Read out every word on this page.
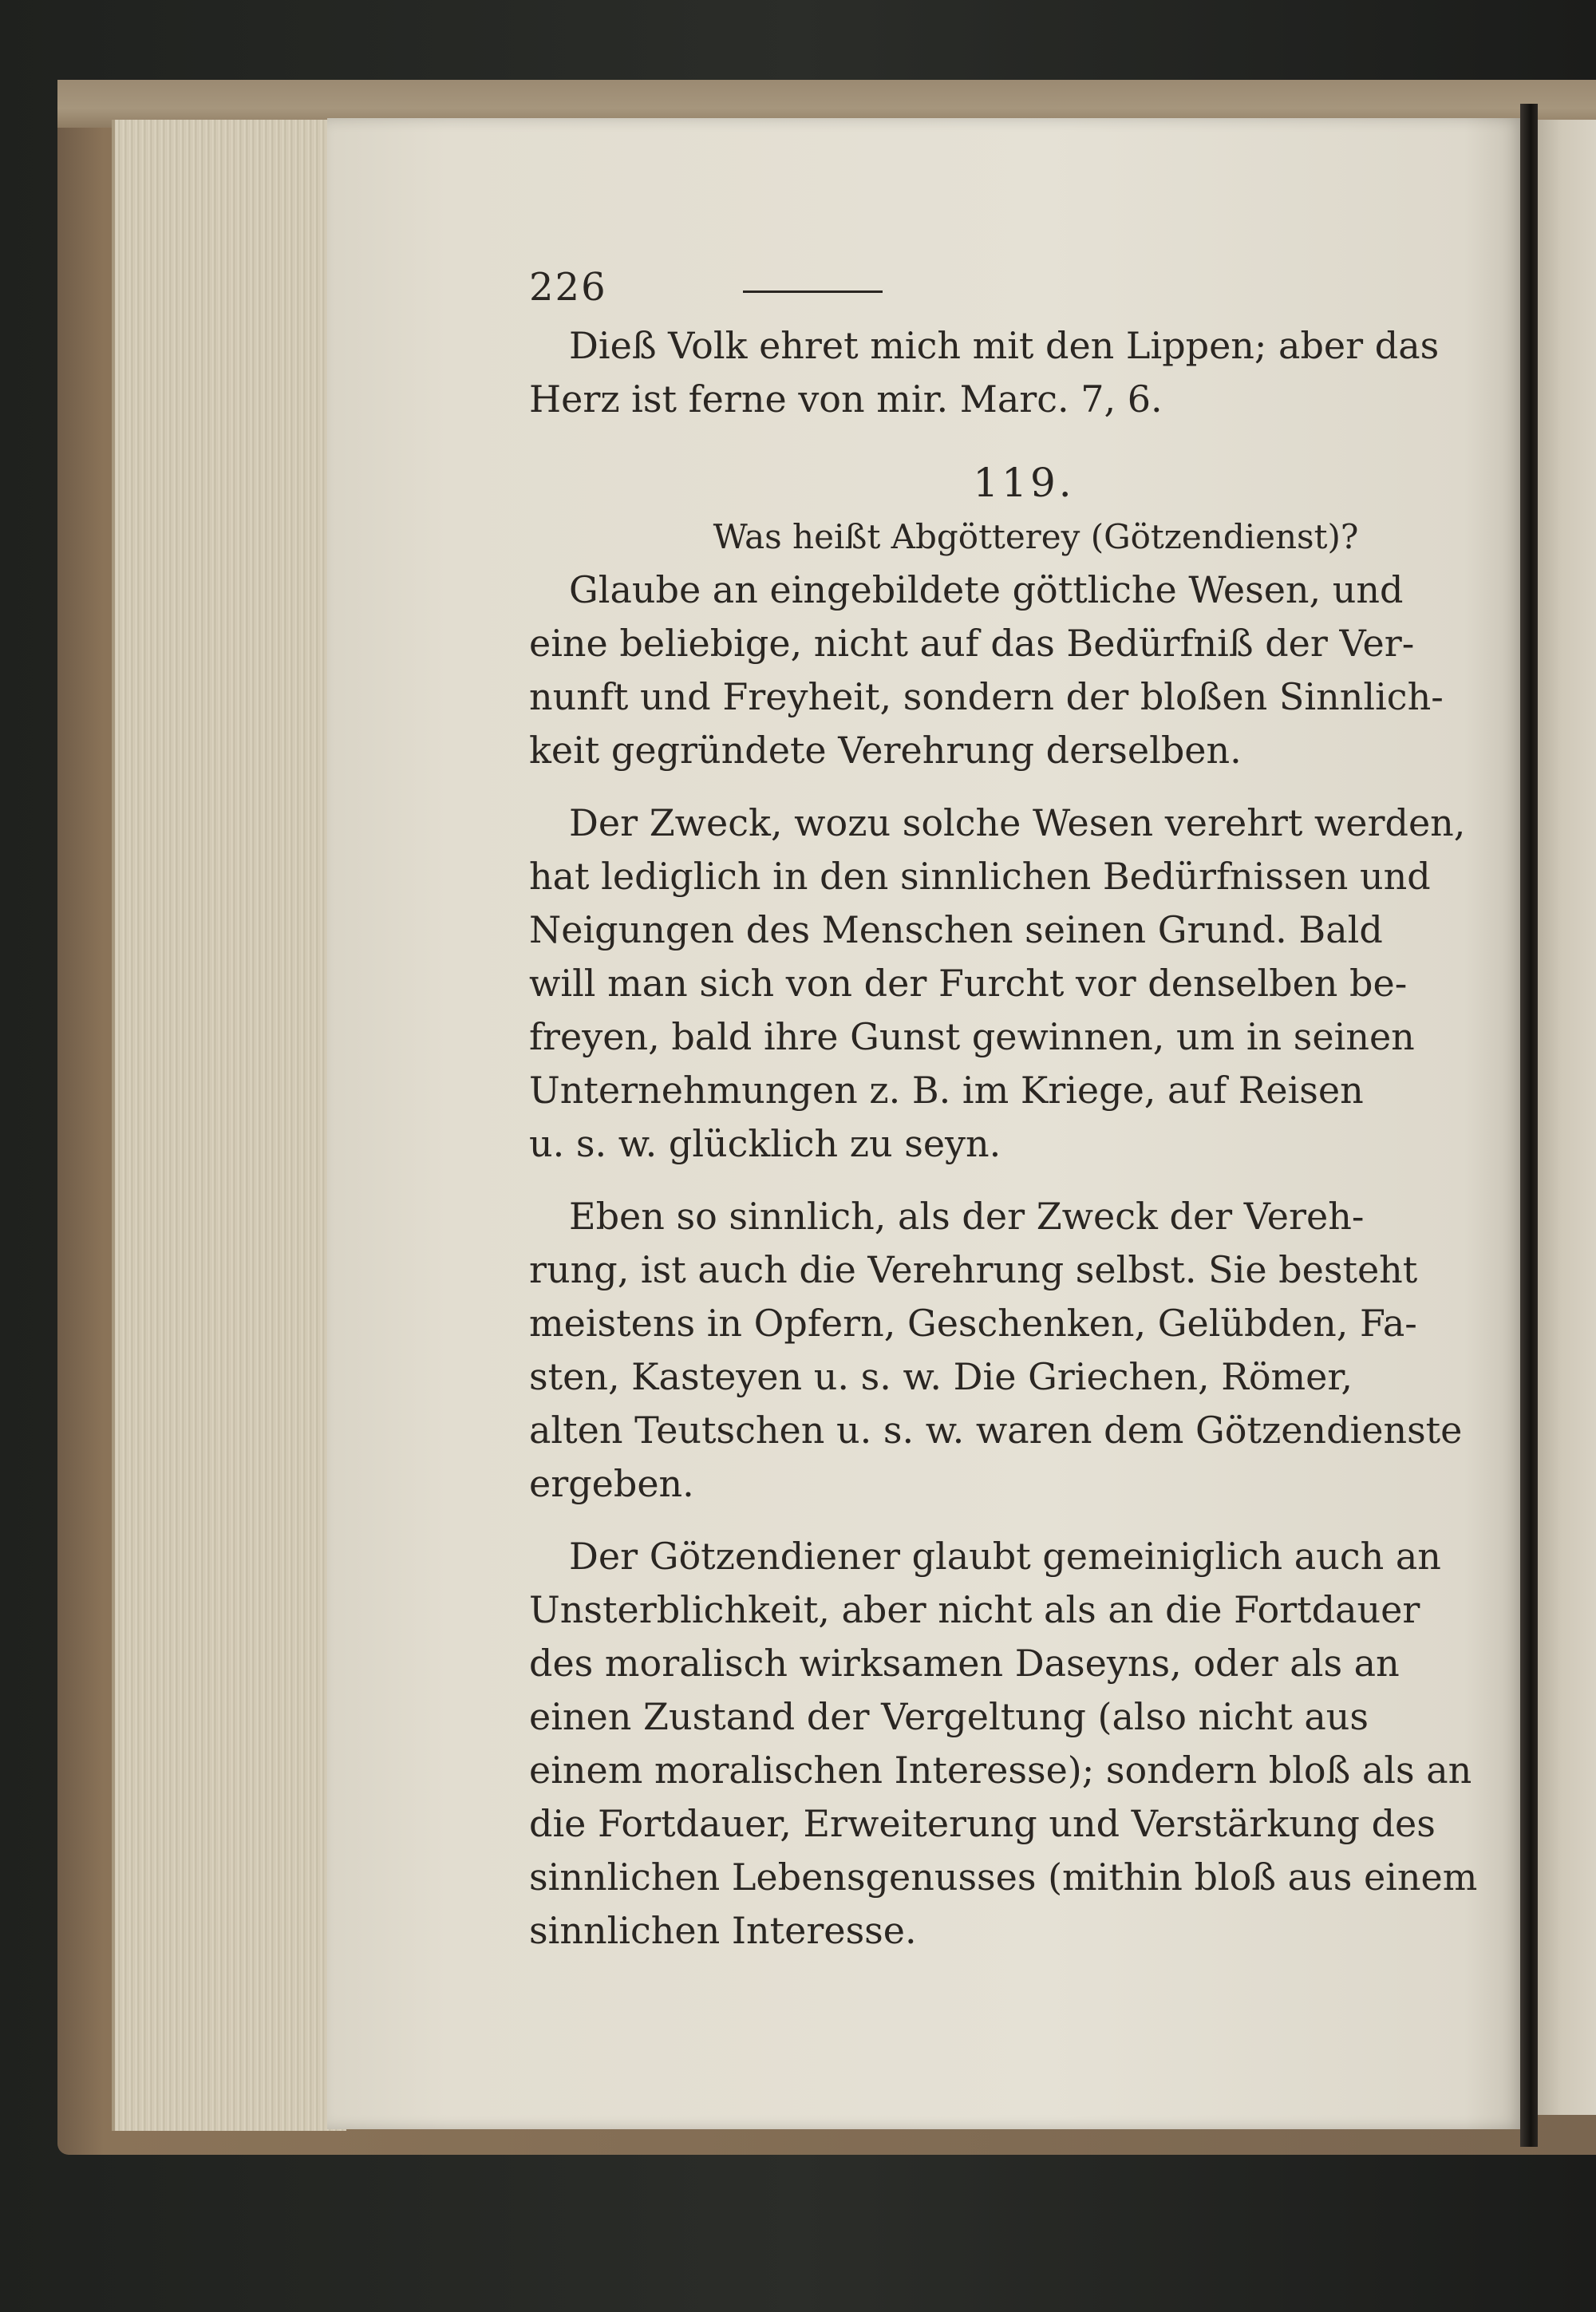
226
Dieß Volk ehret mich mit den Lippen; aber das
Herz ist ferne von mir. Marc. 7, 6.
119.
Was heißt Abgötterey (Götzendienst)?
Glaube an eingebildete göttliche Wesen, und
eine beliebige, nicht auf das Bedürfniß der Ver-
nunft und Freyheit, sondern der bloßen Sinnlich-
keit gegründete Verehrung derselben.
Der Zweck, wozu solche Wesen verehrt werden,
hat lediglich in den sinnlichen Bedürfnissen und
Neigungen des Menschen seinen Grund. Bald
will man sich von der Furcht vor denselben be-
freyen, bald ihre Gunst gewinnen, um in seinen
Unternehmungen z. B. im Kriege, auf Reisen
u. s. w. glücklich zu seyn.
Eben so sinnlich, als der Zweck der Vereh-
rung, ist auch die Verehrung selbst. Sie besteht
meistens in Opfern, Geschenken, Gelübden, Fa-
sten, Kasteyen u. s. w. Die Griechen, Römer,
alten Teutschen u. s. w. waren dem Götzendienste
ergeben.
Der Götzendiener glaubt gemeiniglich auch an
Unsterblichkeit, aber nicht als an die Fortdauer
des moralisch wirksamen Daseyns, oder als an
einen Zustand der Vergeltung (also nicht aus
einem moralischen Interesse); sondern bloß als an
die Fortdauer, Erweiterung und Verstärkung des
sinnlichen Lebensgenusses (mithin bloß aus einem
sinnlichen Interesse.
